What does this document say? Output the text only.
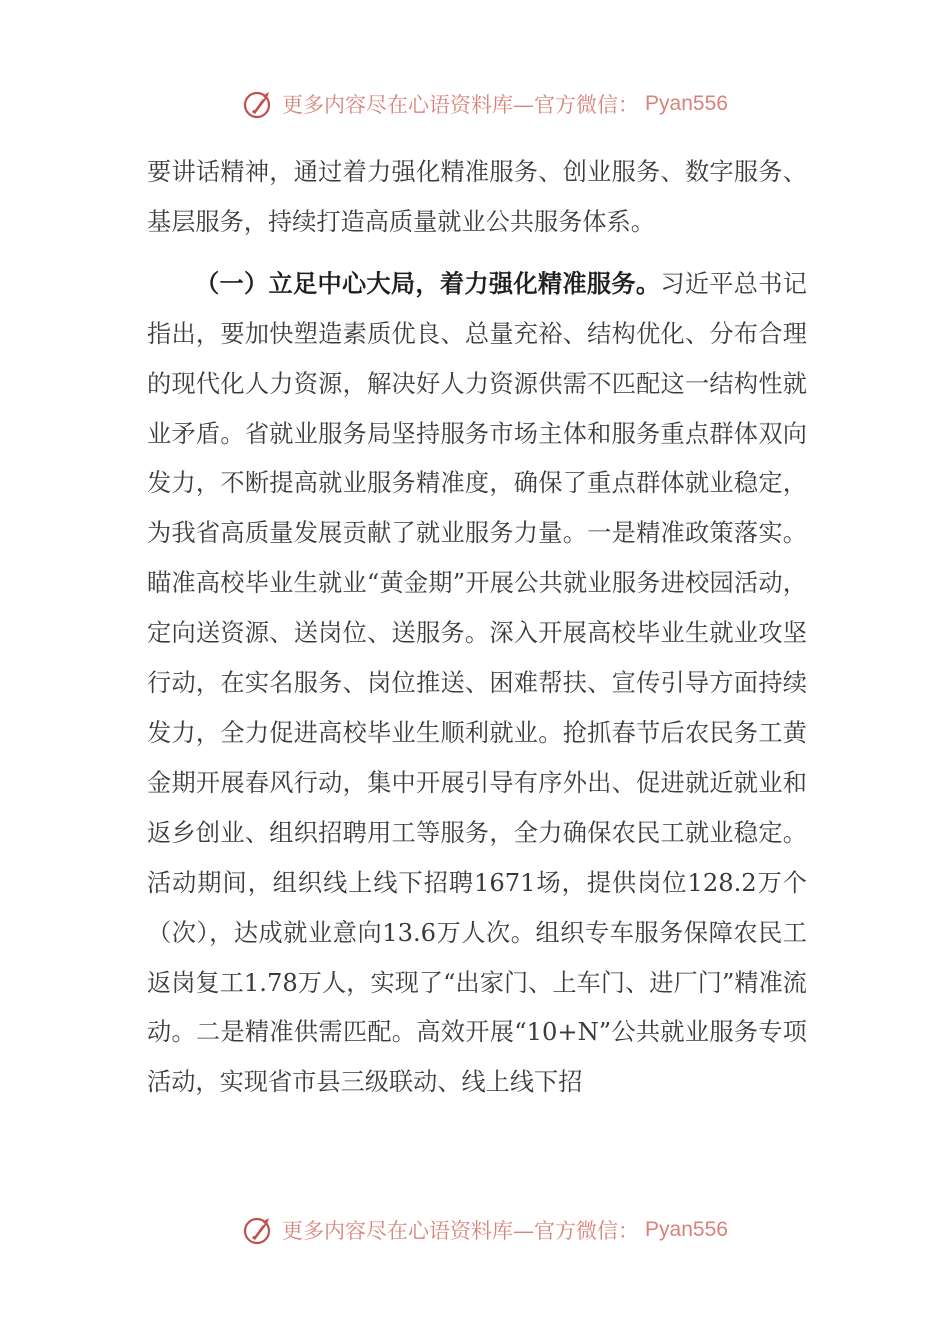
更多内容尽在心语资料库—官方微信： Pyan556

要讲话精神，通过着力强化精准服务、创业服务、数字服务、基层服务，持续打造高质量就业公共服务体系。

（一）立足中心大局，着力强化精准服务。习近平总书记指出，要加快塑造素质优良、总量充裕、结构优化、分布合理的现代化人力资源，解决好人力资源供需不匹配这一结构性就业矛盾。省就业服务局坚持服务市场主体和服务重点群体双向发力，不断提高就业服务精准度，确保了重点群体就业稳定，为我省高质量发展贡献了就业服务力量。一是精准政策落实。瞄准高校毕业生就业“黄金期”开展公共就业服务进校园活动，定向送资源、送岗位、送服务。深入开展高校毕业生就业攻坚行动，在实名服务、岗位推送、困难帮扶、宣传引导方面持续发力，全力促进高校毕业生顺利就业。抢抓春节后农民务工黄金期开展春风行动，集中开展引导有序外出、促进就近就业和返乡创业、组织招聘用工等服务，全力确保农民工就业稳定。活动期间，组织线上线下招聘1671场，提供岗位128.2万个（次），达成就业意向13.6万人次。组织专车服务保障农民工返岗复工1.78万人，实现了“出家门、上车门、进厂门”精准流动。二是精准供需匹配。高效开展“10+N”公共就业服务专项活动，实现省市县三级联动、线上线下招

更多内容尽在心语资料库—官方微信： Pyan556
